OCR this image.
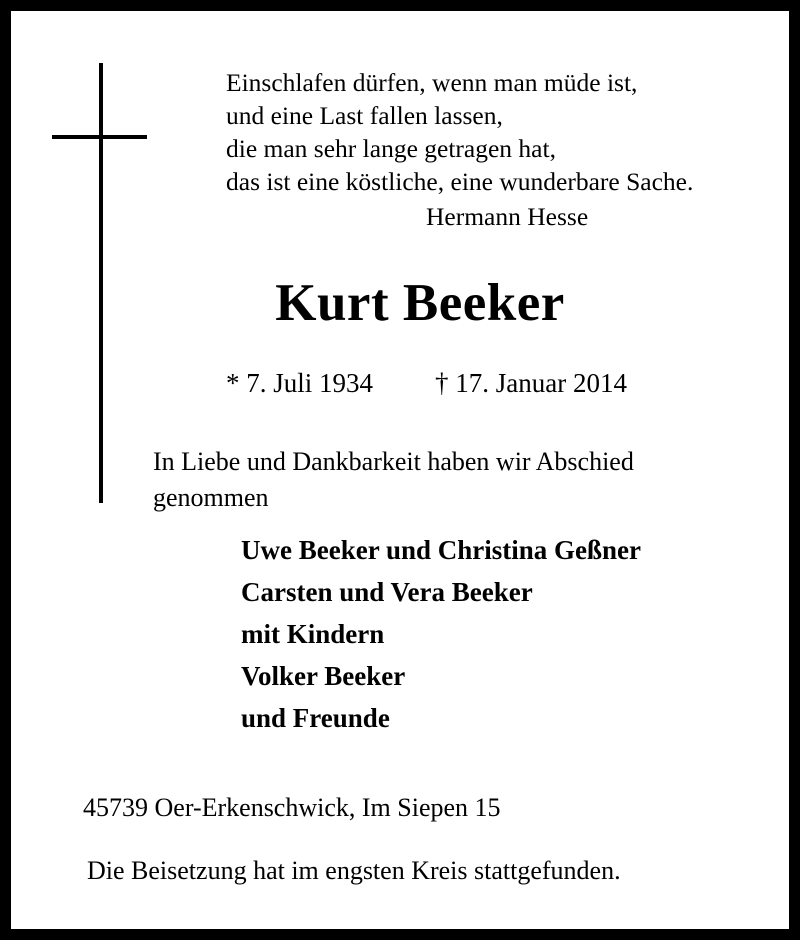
Einschlafen dürfen, wenn man müde ist,
und eine Last fallen lassen,
die man sehr lange getragen hat,
das ist eine köstliche, eine wunderbare Sache.
Hermann Hesse
Kurt Beeker
* 7. Juli 1934 † 17. Januar 2014
In Liebe und Dankbarkeit haben wir Abschied genommen
Uwe Beeker und Christina Geßner
Carsten und Vera Beeker
mit Kindern
Volker Beeker
und Freunde
45739 Oer-Erkenschwick, Im Siepen 15
Die Beisetzung hat im engsten Kreis stattgefunden.
